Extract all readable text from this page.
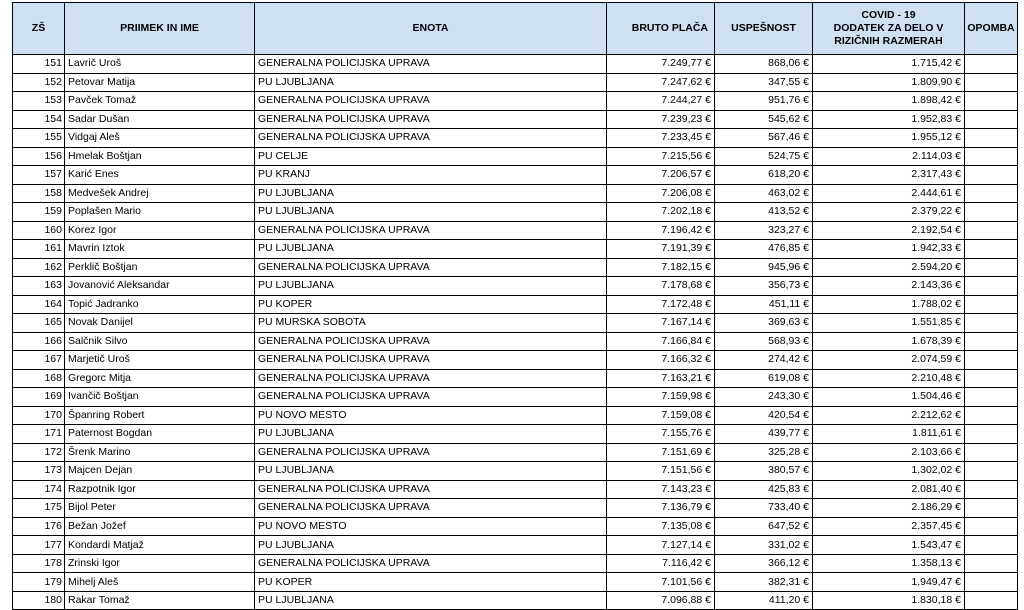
ZŠ	PRIIMEK IN IME	ENOTA	BRUTO PLAČA	USPEŠNOST	COVID - 19
DODATEK ZA DELO V
RIZIČNIH RAZMERAH	OPOMBA
151	Lavrič Uroš	GENERALNA POLICIJSKA UPRAVA	7.249,77 €	868,06 €	1.715,42 €	
152	Petovar Matija	PU LJUBLJANA	7.247,62 €	347,55 €	1.809,90 €	
153	Pavček Tomaž	GENERALNA POLICIJSKA UPRAVA	7.244,27 €	951,76 €	1.898,42 €	
154	Sadar Dušan	GENERALNA POLICIJSKA UPRAVA	7.239,23 €	545,62 €	1.952,83 €	
155	Vidgaj Aleš	GENERALNA POLICIJSKA UPRAVA	7.233,45 €	567,46 €	1.955,12 €	
156	Hmelak Boštjan	PU CELJE	7.215,56 €	524,75 €	2.114,03 €	
157	Karić Enes	PU KRANJ	7.206,57 €	618,20 €	2.317,43 €	
158	Medvešek Andrej	PU LJUBLJANA	7.206,08 €	463,02 €	2.444,61 €	
159	Poplašen Mario	PU LJUBLJANA	7.202,18 €	413,52 €	2.379,22 €	
160	Korez Igor	GENERALNA POLICIJSKA UPRAVA	7.196,42 €	323,27 €	2.192,54 €	
161	Mavrin Iztok	PU LJUBLJANA	7.191,39 €	476,85 €	1.942,33 €	
162	Perklič Boštjan	GENERALNA POLICIJSKA UPRAVA	7.182,15 €	945,96 €	2.594,20 €	
163	Jovanović Aleksandar	PU LJUBLJANA	7.178,68 €	356,73 €	2.143,36 €	
164	Topić Jadranko	PU KOPER	7.172,48 €	451,11 €	1.788,02 €	
165	Novak Danijel	PU MURSKA SOBOTA	7.167,14 €	369,63 €	1.551,85 €	
166	Salčnik Silvo	GENERALNA POLICIJSKA UPRAVA	7.166,84 €	568,93 €	1.678,39 €	
167	Marjetič Uroš	GENERALNA POLICIJSKA UPRAVA	7.166,32 €	274,42 €	2.074,59 €	
168	Gregorc Mitja	GENERALNA POLICIJSKA UPRAVA	7.163,21 €	619,08 €	2.210,48 €	
169	Ivančič Boštjan	GENERALNA POLICIJSKA UPRAVA	7.159,98 €	243,30 €	1.504,46 €	
170	Španring Robert	PU NOVO MESTO	7.159,08 €	420,54 €	2.212,62 €	
171	Paternost Bogdan	PU LJUBLJANA	7.155,76 €	439,77 €	1.811,61 €	
172	Šrenk Marino	GENERALNA POLICIJSKA UPRAVA	7.151,69 €	325,28 €	2.103,66 €	
173	Majcen Dejan	PU LJUBLJANA	7.151,56 €	380,57 €	1.302,02 €	
174	Razpotnik Igor	GENERALNA POLICIJSKA UPRAVA	7.143,23 €	425,83 €	2.081,40 €	
175	Bijol Peter	GENERALNA POLICIJSKA UPRAVA	7.136,79 €	733,40 €	2.186,29 €	
176	Bežan Jožef	PU NOVO MESTO	7.135,08 €	647,52 €	2.357,45 €	
177	Kondardi Matjaž	PU LJUBLJANA	7.127,14 €	331,02 €	1.543,47 €	
178	Zrinski Igor	GENERALNA POLICIJSKA UPRAVA	7.116,42 €	366,12 €	1.358,13 €	
179	Mihelj Aleš	PU KOPER	7.101,56 €	382,31 €	1.949,47 €	
180	Rakar Tomaž	PU LJUBLJANA	7.096,88 €	411,20 €	1.830,18 €	
